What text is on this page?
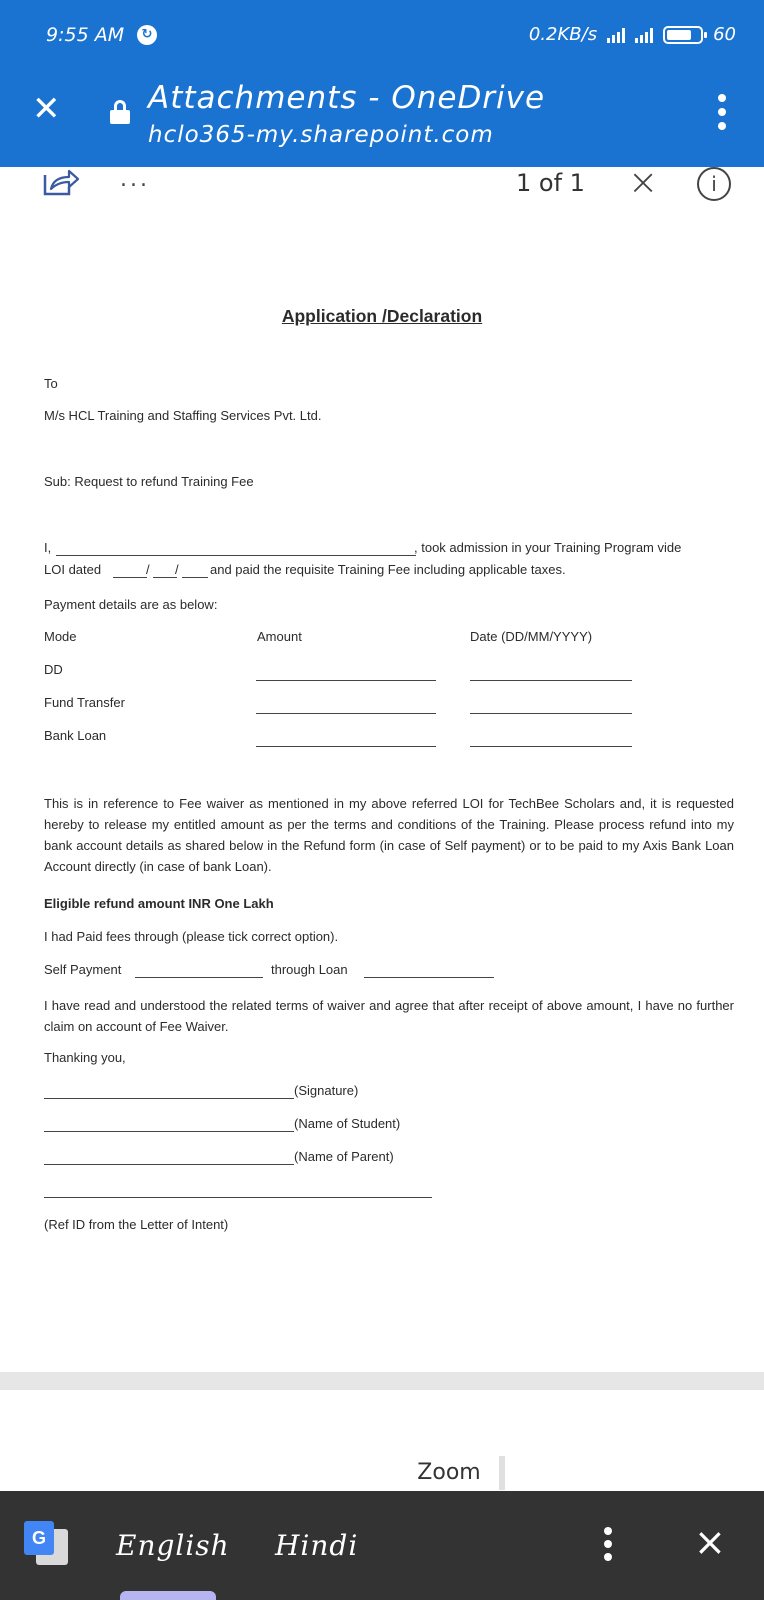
9:55 AM	↻	0.2KB/s	60
✕	Attachments - OneDrive
hclo365-my.sharepoint.com
...	1 of 1 ×	i
Application /Declaration
To
M/s HCL Training and Staffing Services Pvt. Ltd.
Sub: Request to refund Training Fee
I,	, took admission in your Training Program vide
LOI dated	/ / and paid the requisite Training Fee including applicable taxes.
Payment details are as below:
Mode	Amount	Date (DD/MM/YYYY)
DD
Fund Transfer
Bank Loan
This is in reference to Fee waiver as mentioned in my above referred LOI for TechBee Scholars and, it is requested hereby to release my entitled amount as per the terms and conditions of the Training. Please process refund into my bank account details as shared below in the Refund form (in case of Self payment) or to be paid to my Axis Bank Loan Account directly (in case of bank Loan).
Eligible refund amount INR One Lakh
I had Paid fees through (please tick correct option).
Self Payment	through Loan
I have read and understood the related terms of waiver and agree that after receipt of above amount, I have no further claim on account of Fee Waiver.
Thanking you,
(Signature)
(Name of Student)
(Name of Parent)
(Ref ID from the Letter of Intent)
Zoom
G	English Hindi	×
